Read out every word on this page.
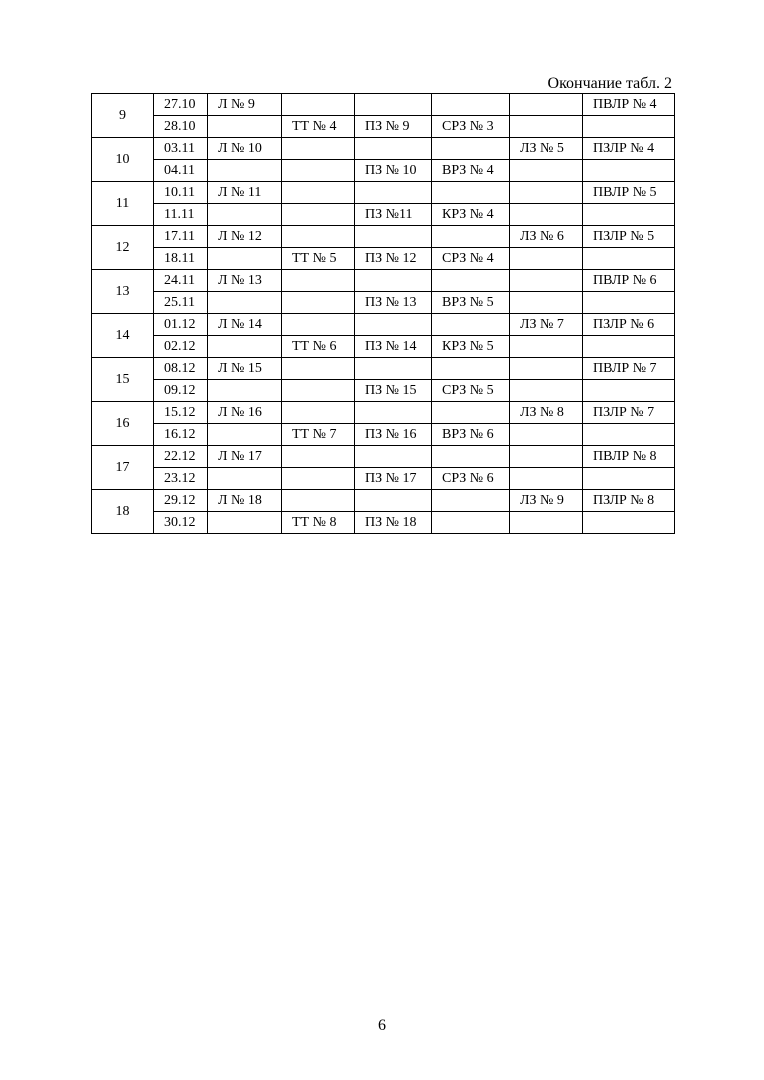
Окончание табл. 2
9	27.10	Л № 9					ПВЛР № 4
	28.10		ТТ № 4	ПЗ № 9	СРЗ № 3		
10	03.11	Л № 10				ЛЗ № 5	ПЗЛР № 4
	04.11			ПЗ № 10	ВРЗ № 4		
11	10.11	Л № 11					ПВЛР № 5
	11.11			ПЗ №11	КРЗ № 4		
12	17.11	Л № 12				ЛЗ № 6	ПЗЛР № 5
	18.11		ТТ № 5	ПЗ № 12	СРЗ № 4		
13	24.11	Л № 13					ПВЛР № 6
	25.11			ПЗ № 13	ВРЗ № 5		
14	01.12	Л № 14				ЛЗ № 7	ПЗЛР № 6
	02.12		ТТ № 6	ПЗ № 14	КРЗ № 5		
15	08.12	Л № 15					ПВЛР № 7
	09.12			ПЗ № 15	СРЗ № 5		
16	15.12	Л № 16				ЛЗ № 8	ПЗЛР № 7
	16.12		ТТ № 7	ПЗ № 16	ВРЗ № 6		
17	22.12	Л № 17					ПВЛР № 8
	23.12			ПЗ № 17	СРЗ № 6		
18	29.12	Л № 18				ЛЗ № 9	ПЗЛР № 8
	30.12		ТТ № 8	ПЗ № 18			
6
